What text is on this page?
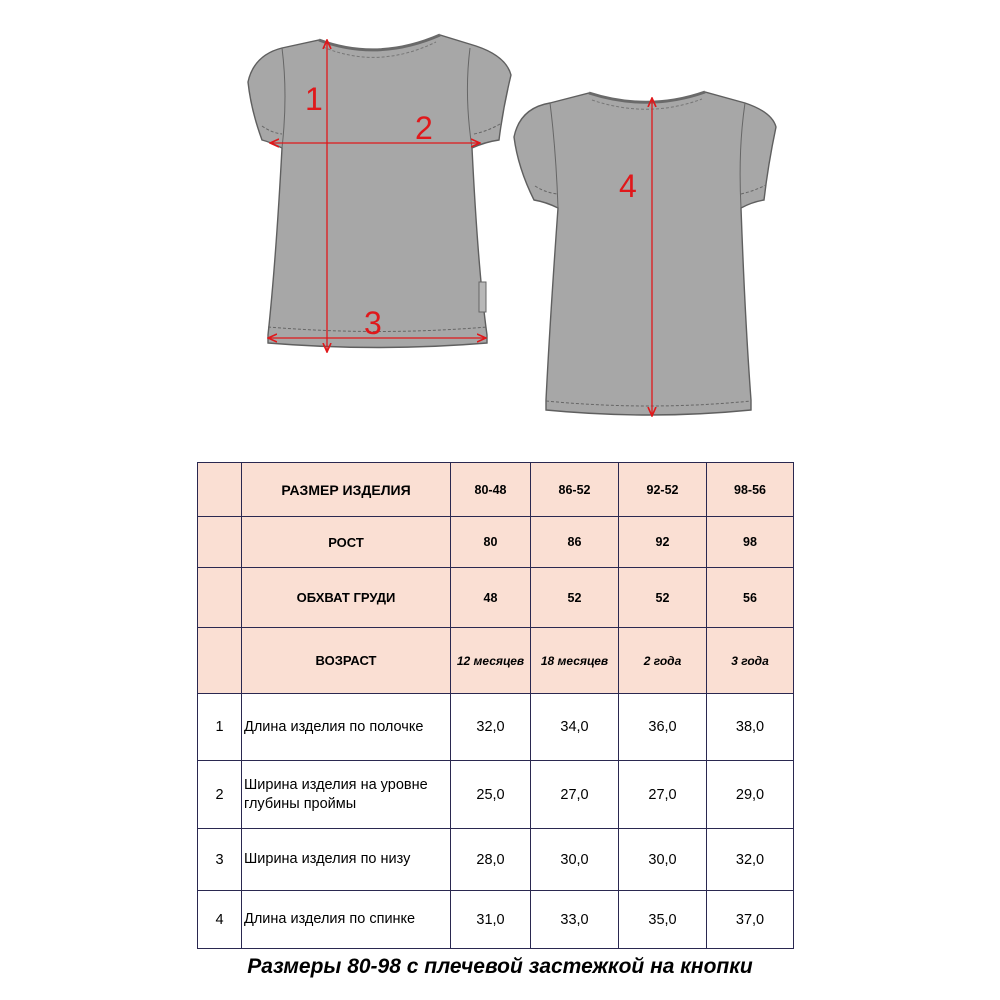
1
2
3
4
	РАЗМЕР ИЗДЕЛИЯ	80-48	86-52	92-52	98-56
	РОСТ	80	86	92	98
	ОБХВАТ ГРУДИ	48	52	52	56
	ВОЗРАСТ	12 месяцев	18 месяцев	2 года	3 года
1	Длина изделия по полочке	32,0	34,0	36,0	38,0
2	Ширина изделия на уровне глубины проймы	25,0	27,0	27,0	29,0
3	Ширина изделия по низу	28,0	30,0	30,0	32,0
4	Длина изделия по спинке	31,0	33,0	35,0	37,0
Размеры 80-98 с плечевой застежкой на кнопки
